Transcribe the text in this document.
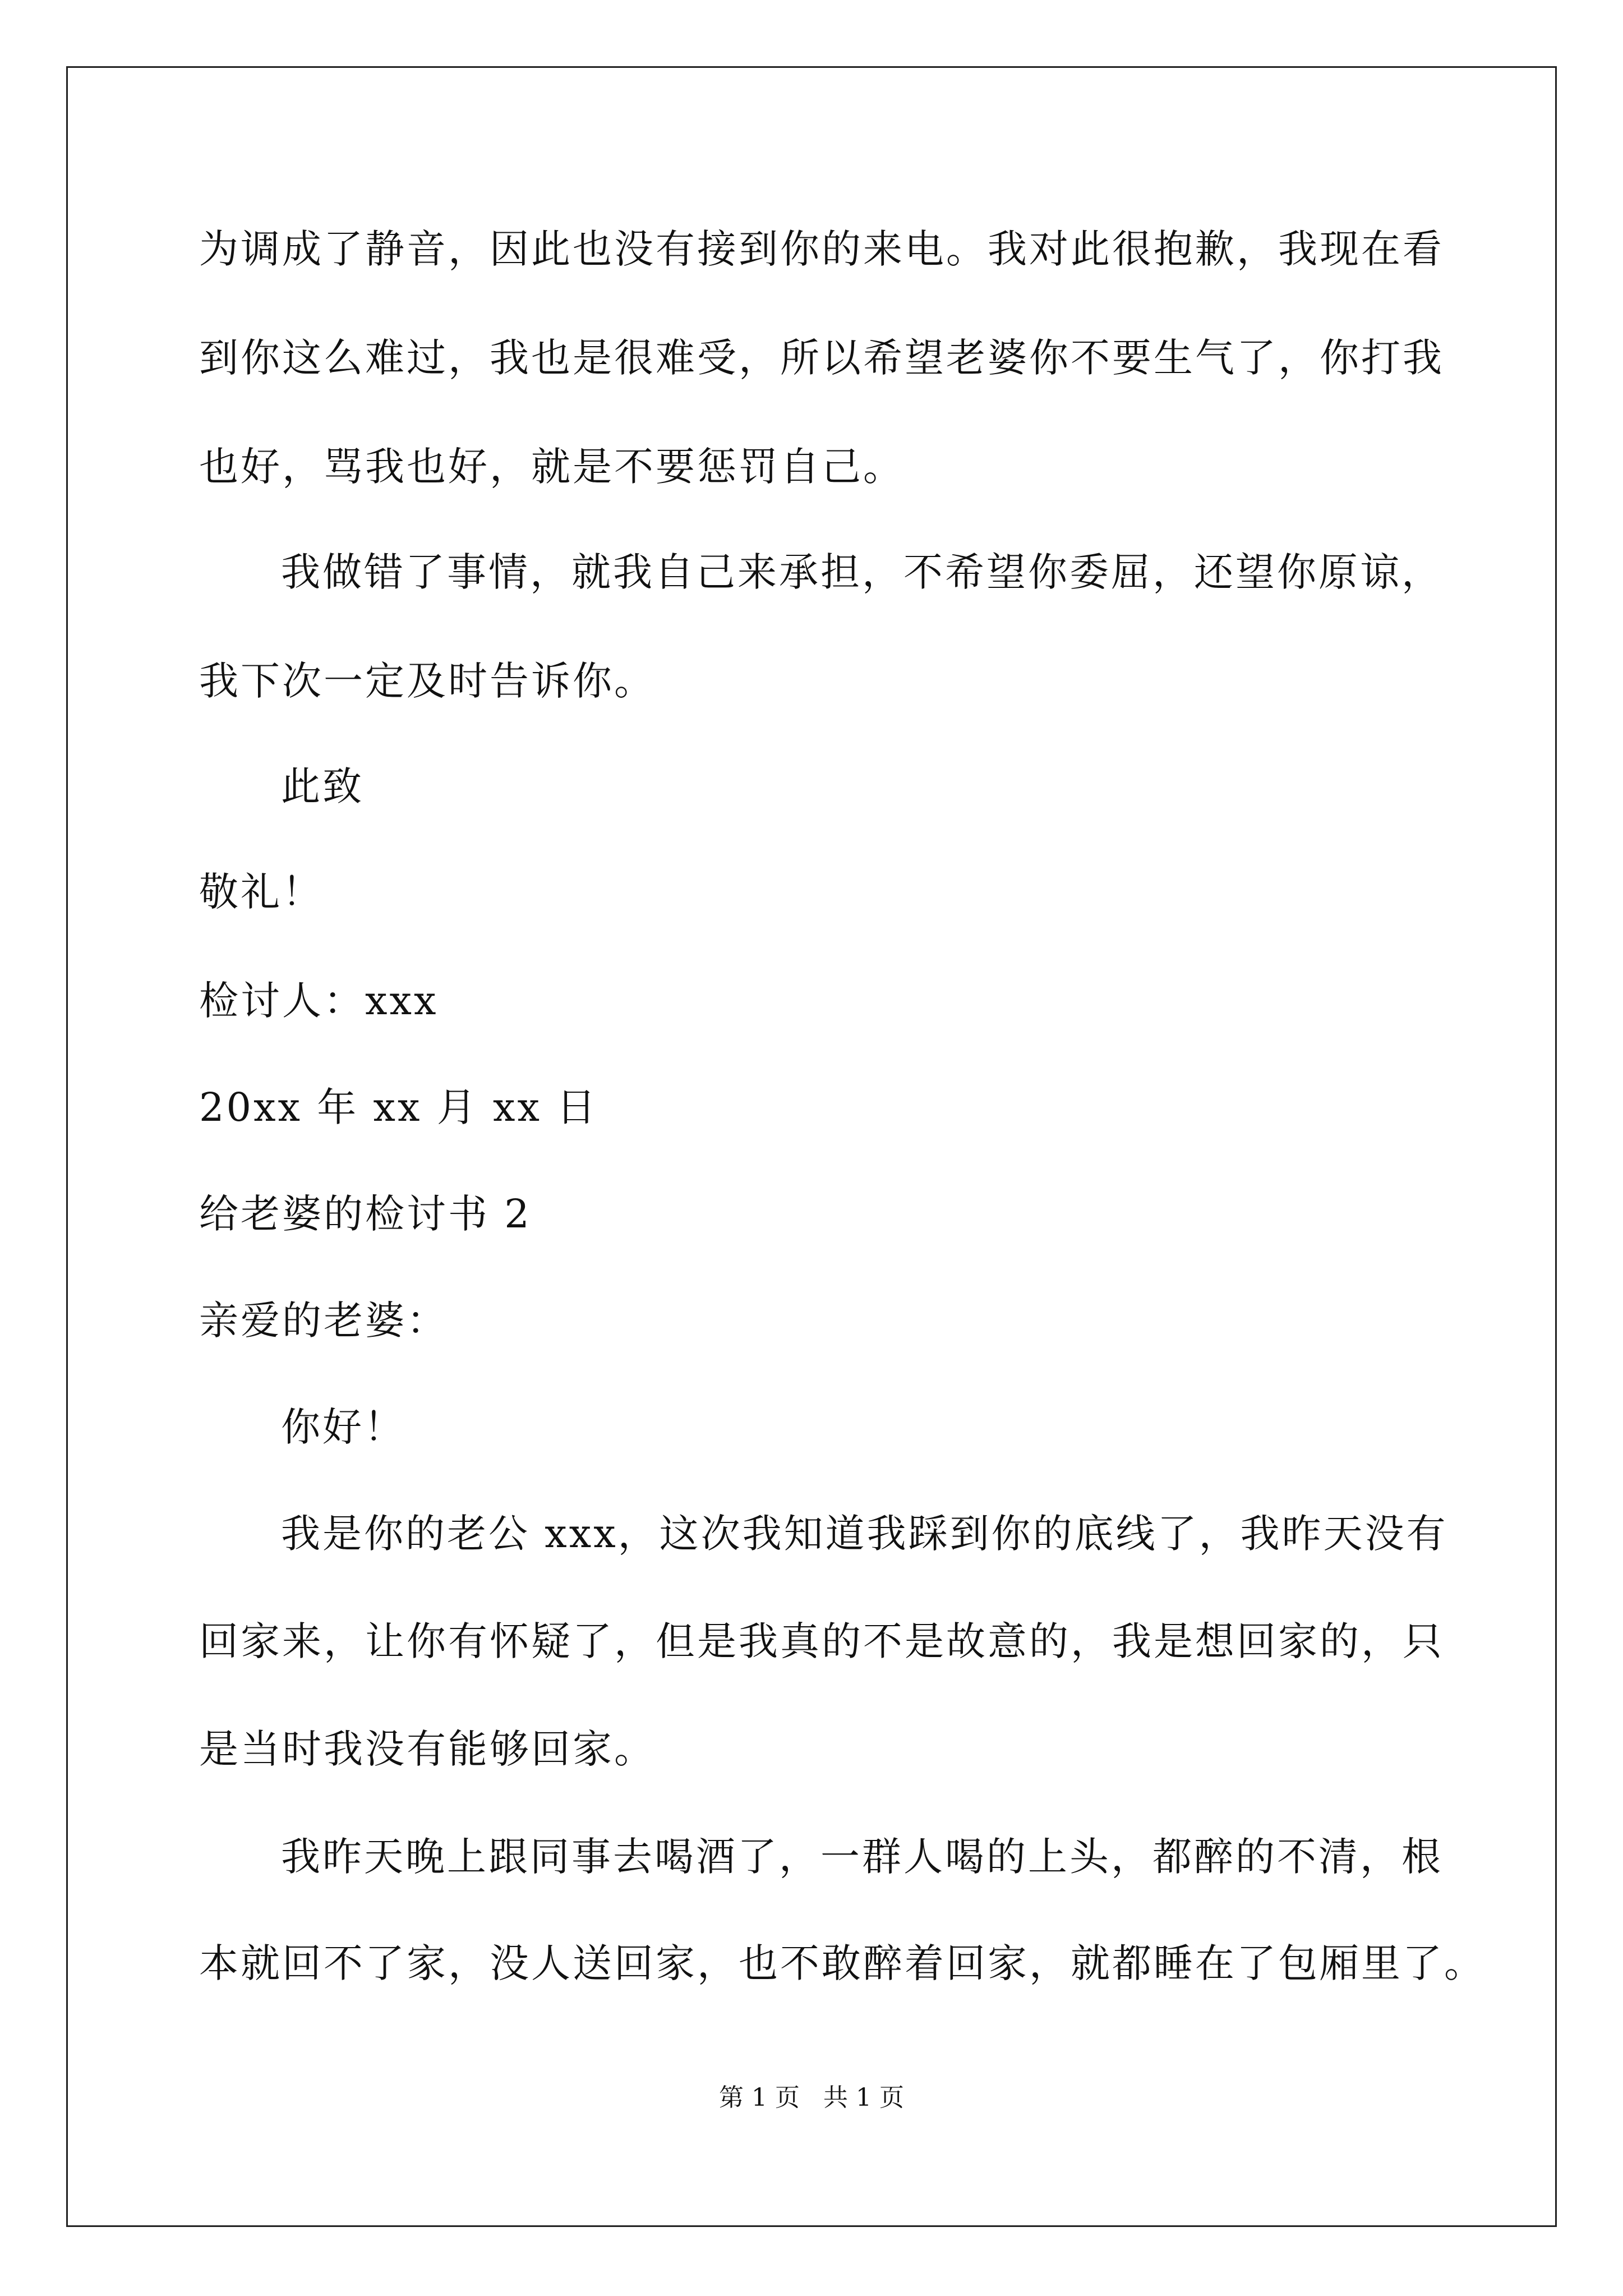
为调成了静音，因此也没有接到你的来电。我对此很抱歉，我现在看
到你这么难过，我也是很难受，所以希望老婆你不要生气了，你打我
也好，骂我也好，就是不要惩罚自己。
我做错了事情，就我自己来承担，不希望你委屈，还望你原谅，
我下次一定及时告诉你。
此致
敬礼！
检讨人：xxx
20xx 年 xx 月 xx 日
给老婆的检讨书 2
亲爱的老婆：
你好！
我是你的老公 xxx，这次我知道我踩到你的底线了，我昨天没有
回家来，让你有怀疑了，但是我真的不是故意的，我是想回家的，只
是当时我没有能够回家。
我昨天晚上跟同事去喝酒了，一群人喝的上头，都醉的不清，根
本就回不了家，没人送回家，也不敢醉着回家，就都睡在了包厢里了。
第 1 页   共 1 页
